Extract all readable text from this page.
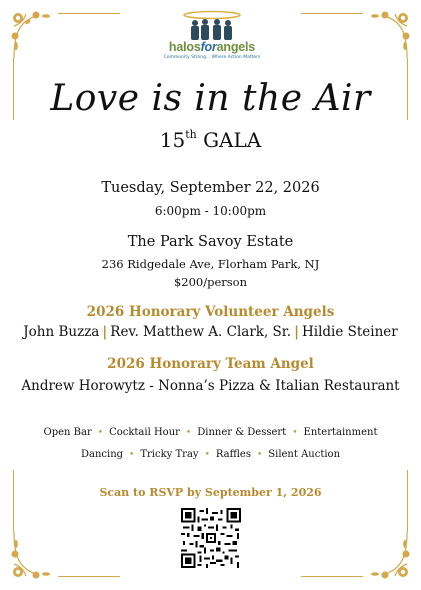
halosforangels
Community Strong... Where Action Matters
Love is in the Air
15th GALA
Tuesday, September 22, 2026
6:00pm - 10:00pm
The Park Savoy Estate
236 Ridgedale Ave, Florham Park, NJ
$200/person
2026 Honorary Volunteer Angels
John Buzza | Rev. Matthew A. Clark, Sr. | Hildie Steiner
2026 Honorary Team Angel
Andrew Horowytz - Nonna’s Pizza & Italian Restaurant
Open Bar • Cocktail Hour • Dinner & Dessert • Entertainment
Dancing • Tricky Tray • Raffles • Silent Auction
Scan to RSVP by September 1, 2026
